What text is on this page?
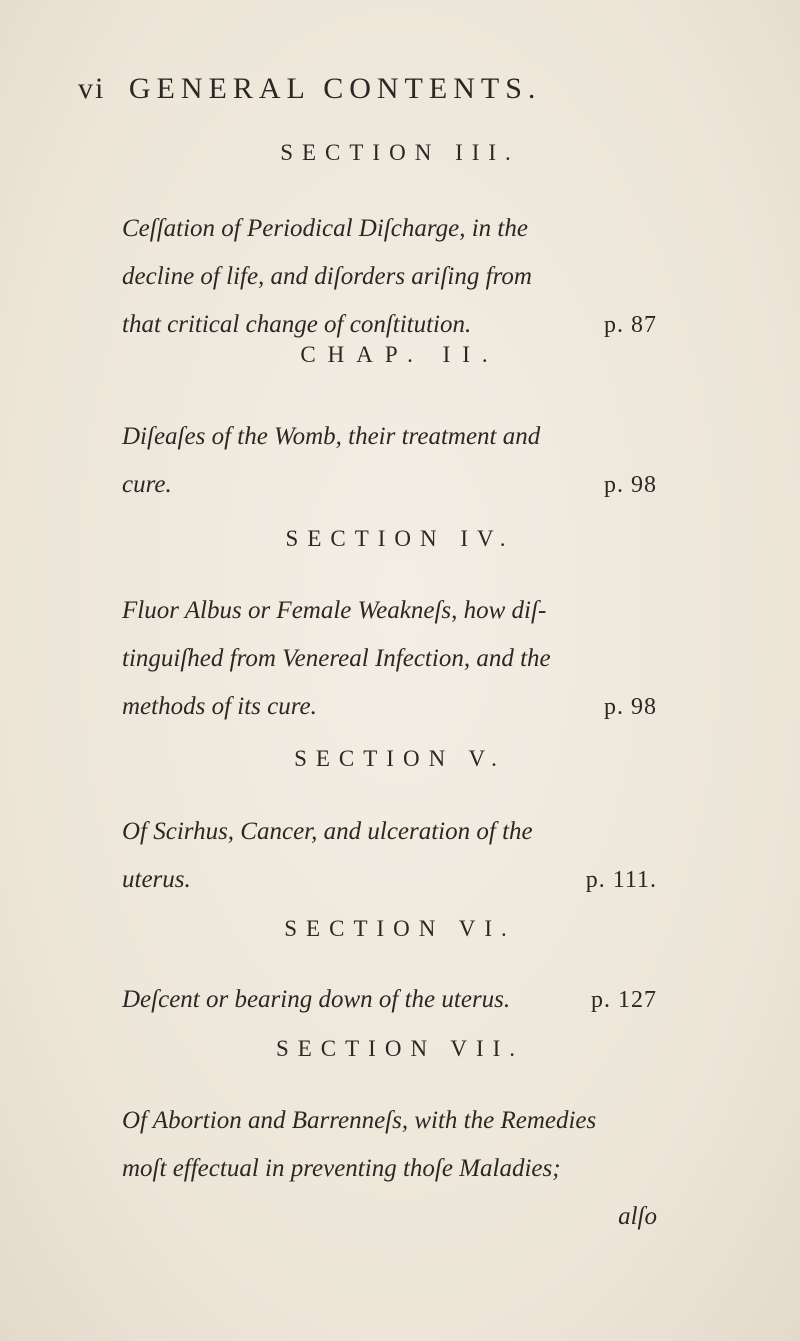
vi GENERAL CONTENTS.
SECTION III.
Ceſſation of Periodical Diſcharge, in the
decline of life, and diſorders ariſing from
that critical change of conſtitution.	p. 87
CHAP. II.
Diſeaſes of the Womb, their treatment and
cure.	p. 98
SECTION IV.
Fluor Albus or Female Weakneſs, how diſ-
tinguiſhed from Venereal Infection, and the
methods of its cure.	p. 98
SECTION V.
Of Scirhus, Cancer, and ulceration of the
uterus.	p. 111.
SECTION VI.
Deſcent or bearing down of the uterus.	p. 127
SECTION VII.
Of Abortion and Barrenneſs, with the Remedies
moſt effectual in preventing thoſe Maladies;
alſo
